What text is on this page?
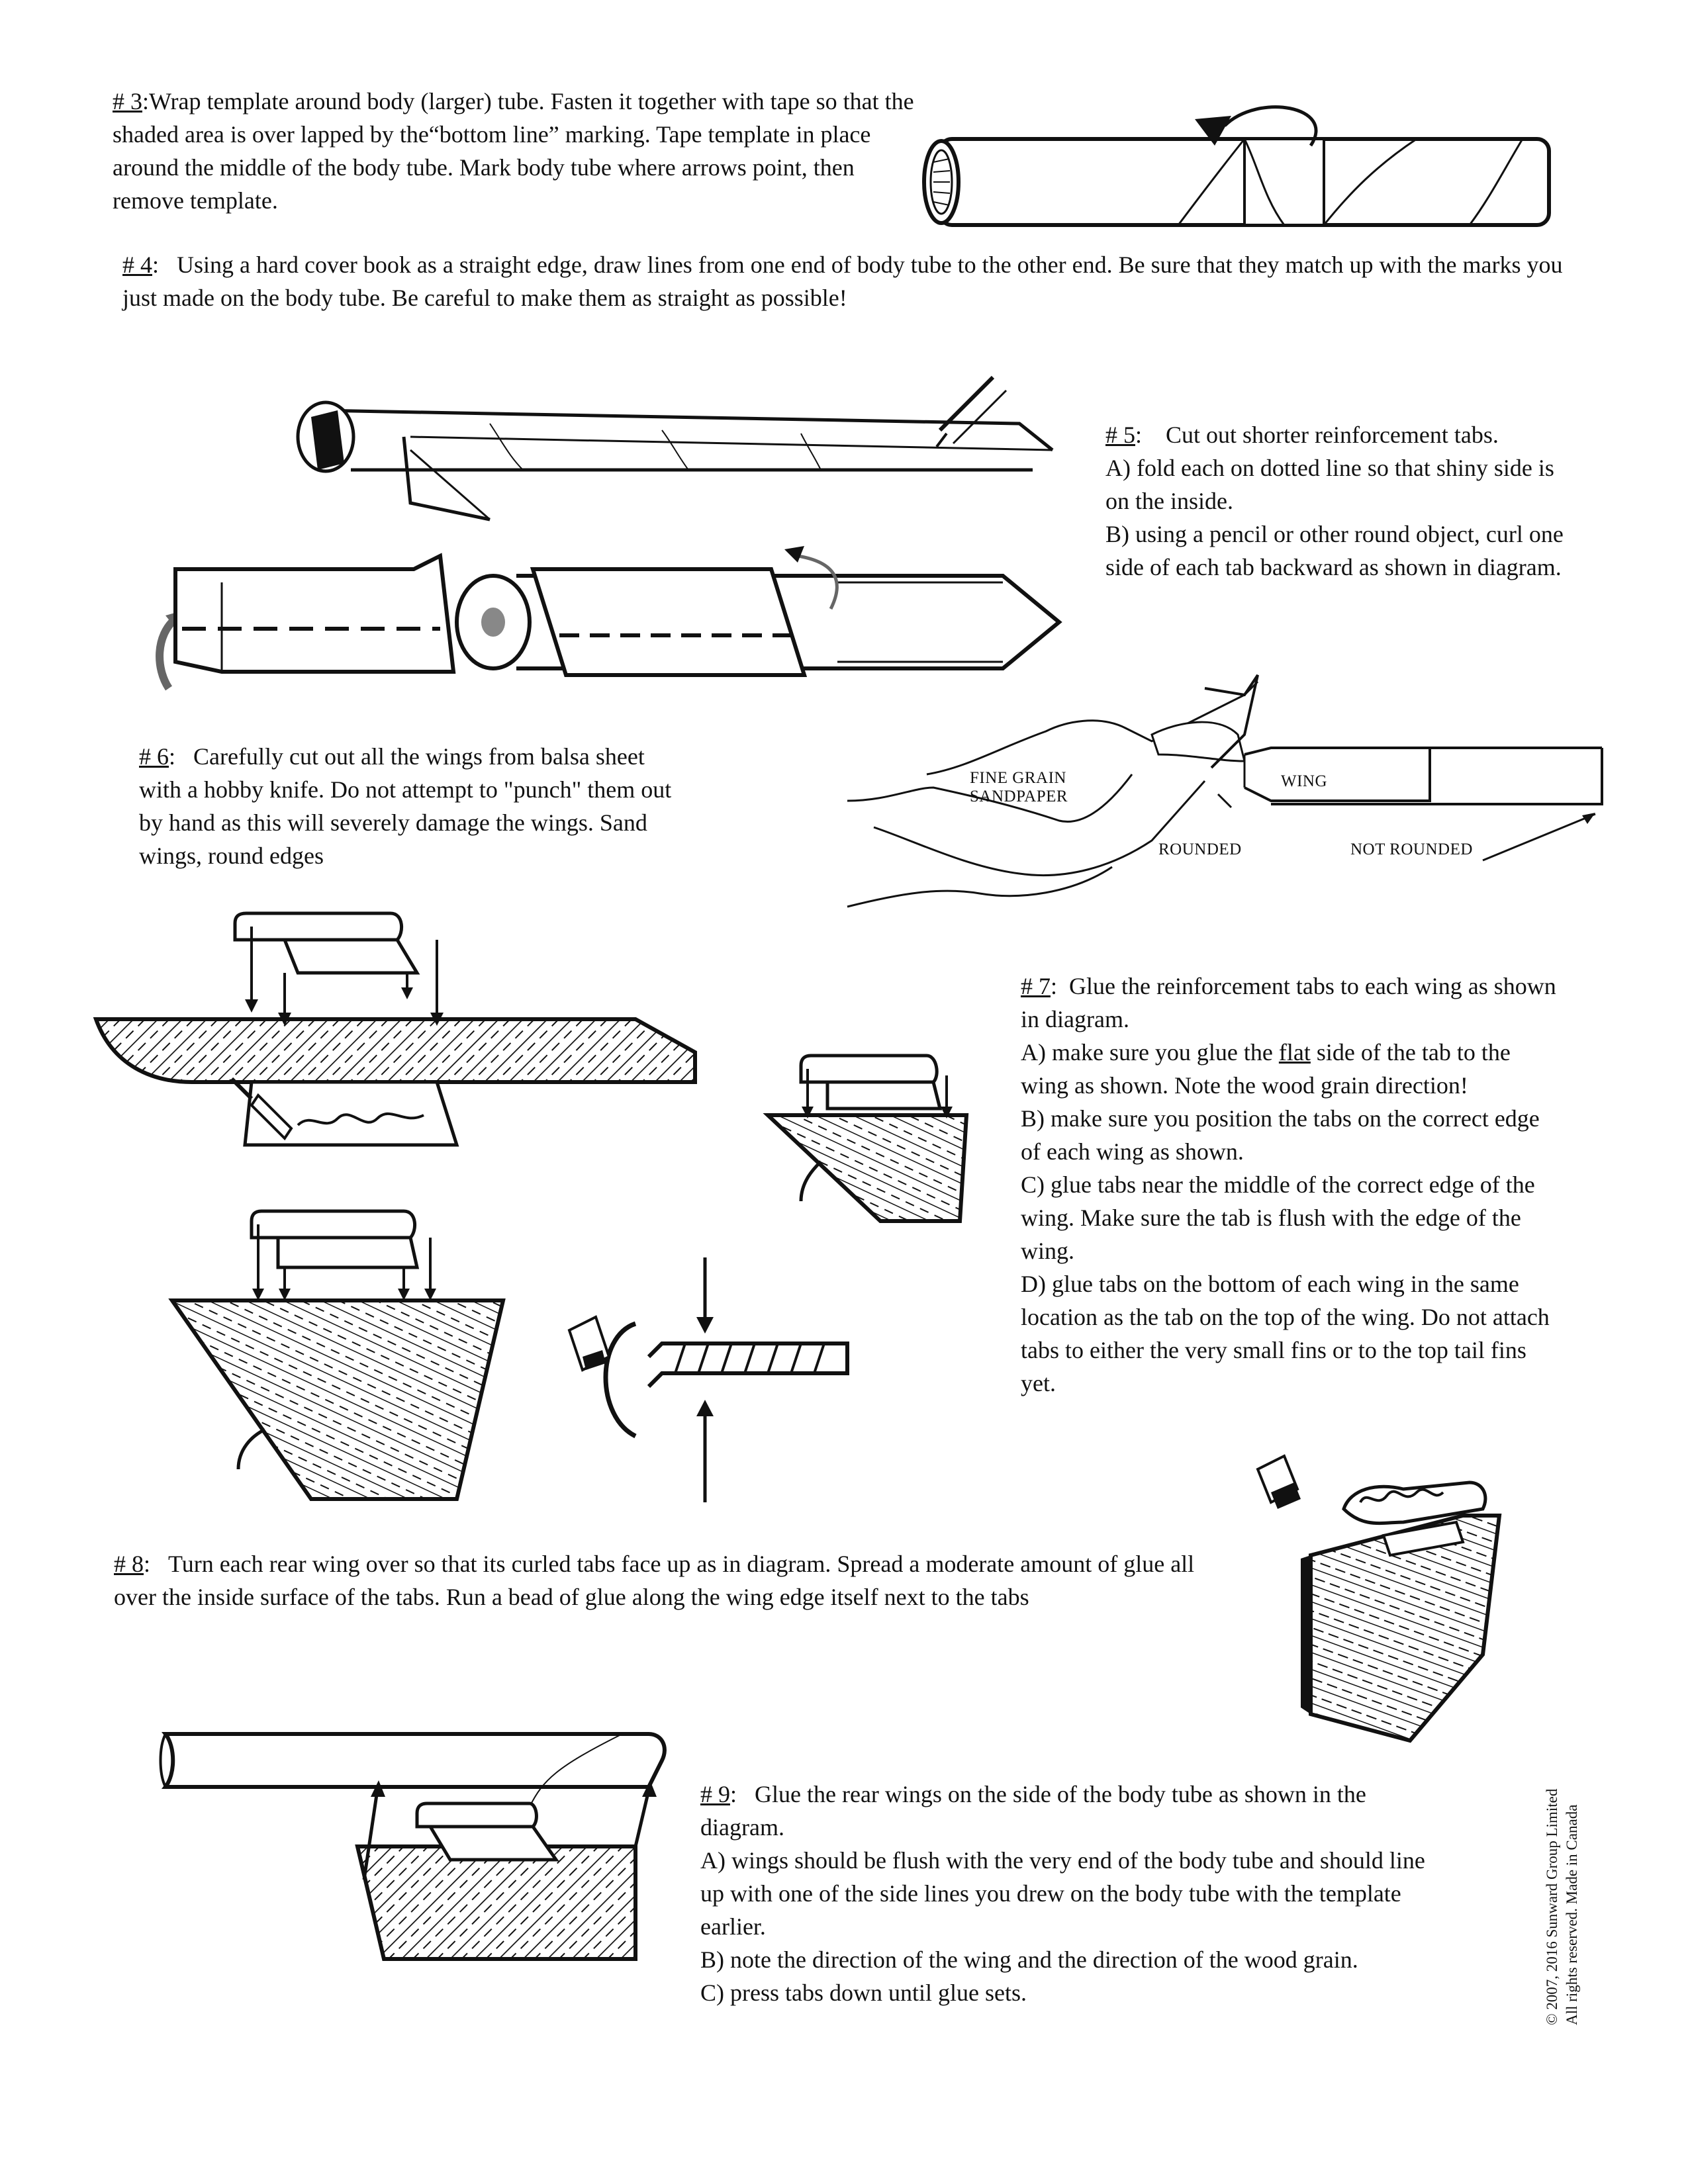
# 3:Wrap template around body (larger) tube. Fasten it together with tape so that the shaded area is over lapped by the“bottom line” marking. Tape template in place around the middle of the body tube. Mark body tube where arrows point, then remove template.
# 4: Using a hard cover book as a straight edge, draw lines from one end of body tube to the other end. Be sure that they match up with the marks you just made on the body tube. Be careful to make them as straight as possible!
# 5: Cut out shorter reinforcement tabs.
A) fold each on dotted line so that shiny side is on the inside.
B) using a pencil or other round object, curl one side of each tab backward as shown in diagram.
# 6: Carefully cut out all the wings from balsa sheet with a hobby knife. Do not attempt to "punch" them out by hand as this will severely damage the wings. Sand wings, round edges
FINE GRAIN
SANDPAPER
WING
ROUNDED	NOT ROUNDED
# 7: Glue the reinforcement tabs to each wing as shown in diagram.
A) make sure you glue the flat side of the tab to the wing as shown. Note the wood grain direction!
B) make sure you position the tabs on the correct edge of each wing as shown.
C) glue tabs near the middle of the correct edge of the wing. Make sure the tab is flush with the edge of the wing.
D) glue tabs on the bottom of each wing in the same location as the tab on the top of the wing. Do not attach tabs to either the very small fins or to the top tail fins yet.
# 8: Turn each rear wing over so that its curled tabs face up as in diagram. Spread a moderate amount of glue all over the inside surface of the tabs. Run a bead of glue along the wing edge itself next to the tabs
# 9: Glue the rear wings on the side of the body tube as shown in the diagram.
A) wings should be flush with the very end of the body tube and should line up with one of the side lines you drew on the body tube with the template earlier.
B) note the direction of the wing and the direction of the wood grain.
C) press tabs down until glue sets.	© 2007, 2016 Sunward Group Limited All rights reserved. Made in Canada
